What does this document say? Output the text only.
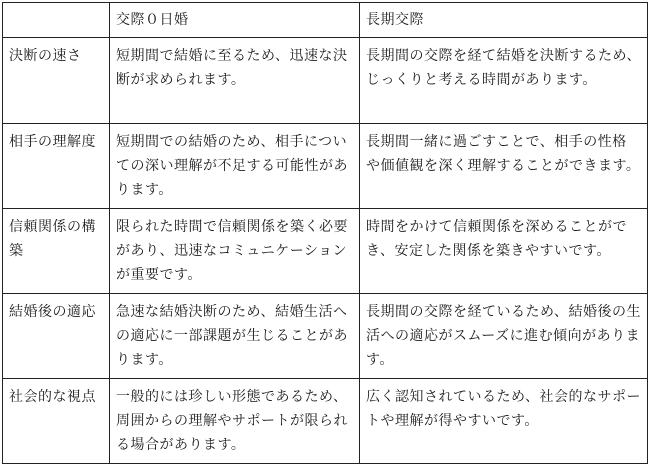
	交際０日婚	長期交際
決断の速さ	短期間で結婚に至るため、迅速な決断が求められます。	長期間の交際を経て結婚を決断するため、じっくりと考える時間があります。
相手の理解度	短期間での結婚のため、相手についての深い理解が不足する可能性があります。	長期間一緒に過ごすことで、相手の性格や価値観を深く理解することができます。
信頼関係の構築	限られた時間で信頼関係を築く必要があり、迅速なコミュニケーションが重要です。	時間をかけて信頼関係を深めることができ、安定した関係を築きやすいです。
結婚後の適応	急速な結婚決断のため、結婚生活への適応に一部課題が生じることがあります。	長期間の交際を経ているため、結婚後の生活への適応がスムーズに進む傾向があります。
社会的な視点	一般的には珍しい形態であるため、周囲からの理解やサポートが限られる場合があります。	広く認知されているため、社会的なサポートや理解が得やすいです。
